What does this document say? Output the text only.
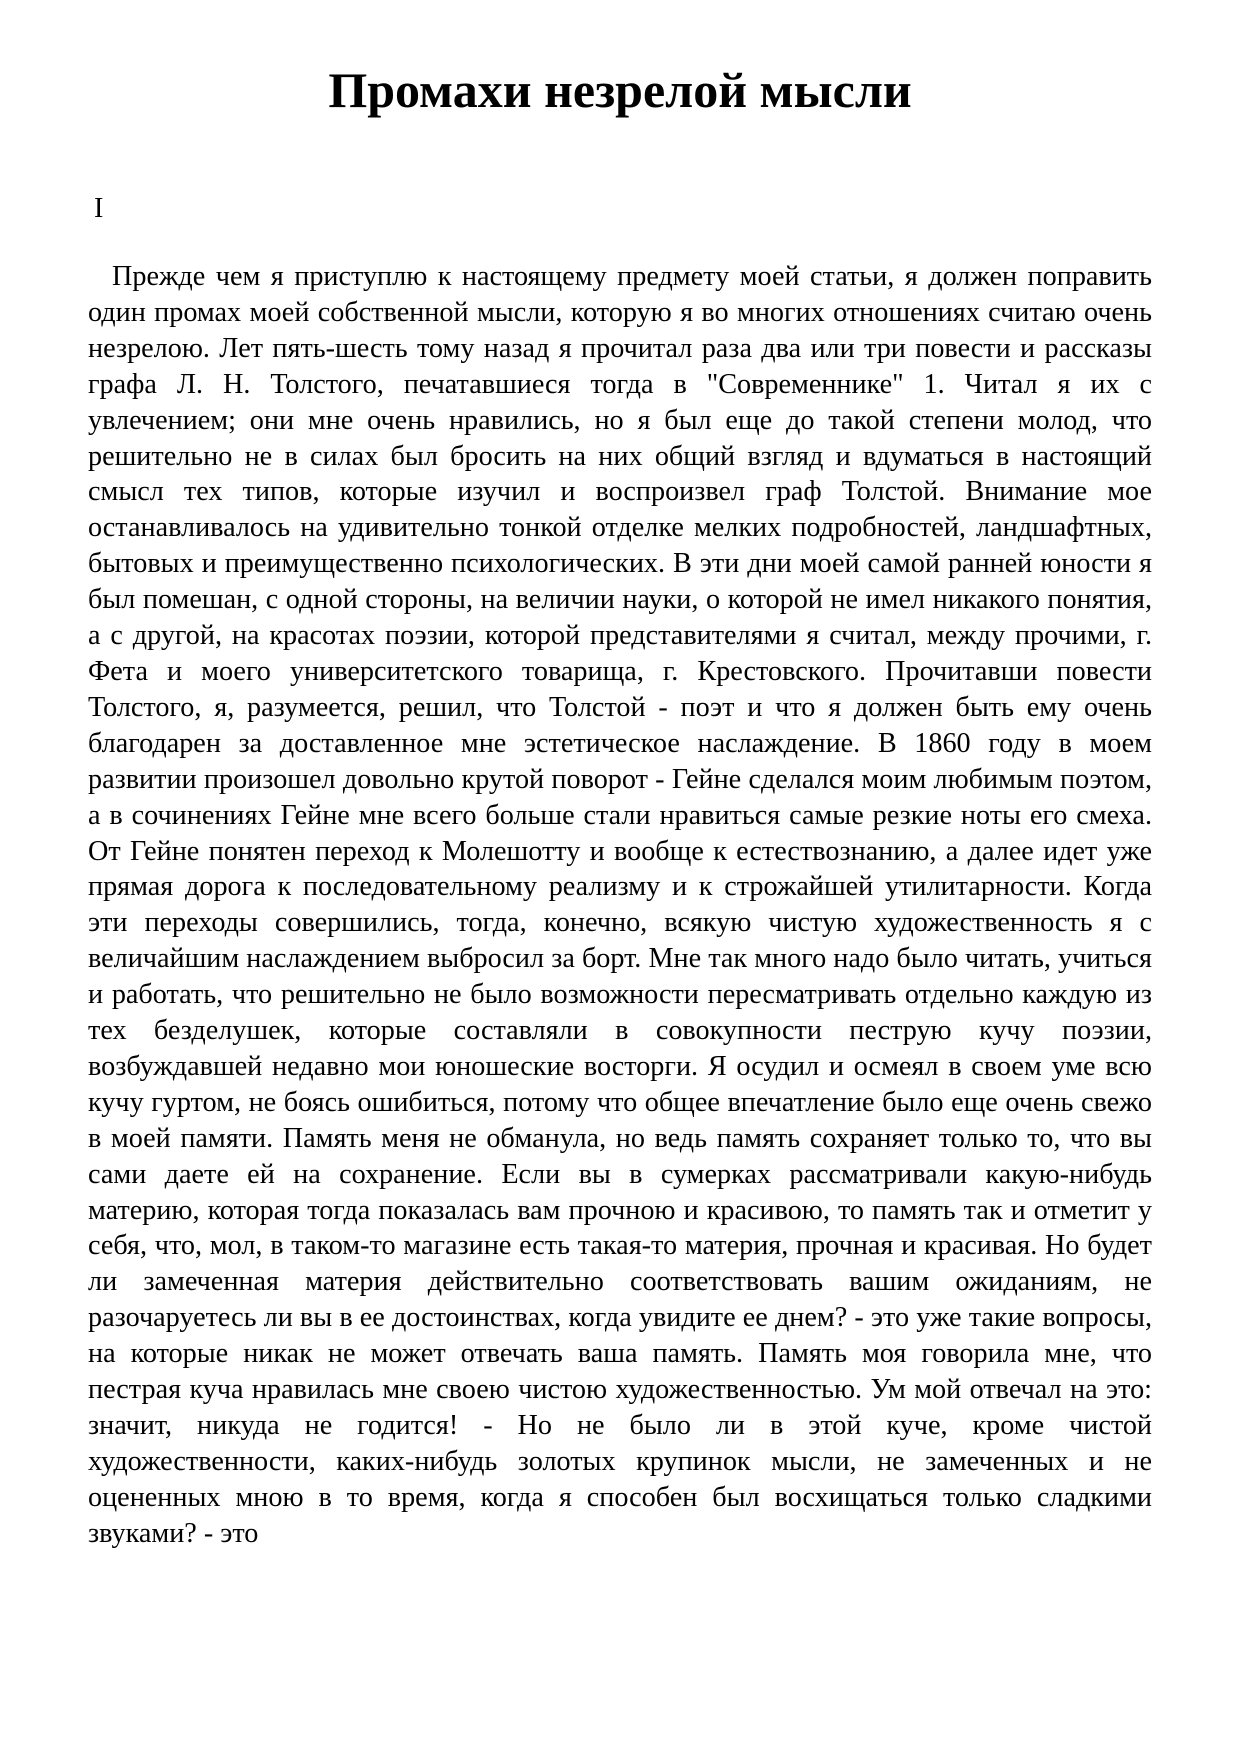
Промахи незрелой мысли
I

Прежде чем я приступлю к настоящему предмету моей статьи, я должен поправить один промах моей собственной мысли, которую я во многих отношениях считаю очень незрелою. Лет пять-шесть тому назад я прочитал раза два или три повести и рассказы графа Л. Н. Толстого, печатавшиеся тогда в "Современнике" 1. Читал я их с увлечением; они мне очень нравились, но я был еще до такой степени молод, что решительно не в силах был бросить на них общий взгляд и вдуматься в настоящий смысл тех типов, которые изучил и воспроизвел граф Толстой. Внимание мое останавливалось на удивительно тонкой отделке мелких подробностей, ландшафтных, бытовых и преимущественно психологических. В эти дни моей самой ранней юности я был помешан, с одной стороны, на величии науки, о которой не имел никакого понятия, а с другой, на красотах поэзии, которой представителями я считал, между прочими, г. Фета и моего университетского товарища, г. Крестовского. Прочитавши повести Толстого, я, разумеется, решил, что Толстой - поэт и что я должен быть ему очень благодарен за доставленное мне эстетическое наслаждение. В 1860 году в моем развитии произошел довольно крутой поворот - Гейне сделался моим любимым поэтом, а в сочинениях Гейне мне всего больше стали нравиться самые резкие ноты его смеха. От Гейне понятен переход к Молешотту и вообще к естествознанию, а далее идет уже прямая дорога к последовательному реализму и к строжайшей утилитарности. Когда эти переходы совершились, тогда, конечно, всякую чистую художественность я с величайшим наслаждением выбросил за борт. Мне так много надо было читать, учиться и работать, что решительно не было возможности пересматривать отдельно каждую из тех безделушек, которые составляли в совокупности пеструю кучу поэзии, возбуждавшей недавно мои юношеские восторги. Я осудил и осмеял в своем уме всю кучу гуртом, не боясь ошибиться, потому что общее впечатление было еще очень свежо в моей памяти. Память меня не обманула, но ведь память сохраняет только то, что вы сами даете ей на сохранение. Если вы в сумерках рассматривали какую-нибудь материю, которая тогда показалась вам прочною и красивою, то память так и отметит у себя, что, мол, в таком-то магазине есть такая-то материя, прочная и красивая. Но будет ли замеченная материя действительно соответствовать вашим ожиданиям, не разочаруетесь ли вы в ее достоинствах, когда увидите ее днем? - это уже такие вопросы, на которые никак не может отвечать ваша память. Память моя говорила мне, что пестрая куча нравилась мне своею чистою художественностью. Ум мой отвечал на это: значит, никуда не годится! - Но не было ли в этой куче, кроме чистой художественности, каких-нибудь золотых крупинок мысли, не замеченных и не оцененных мною в то время, когда я способен был восхищаться только сладкими звуками? - это
